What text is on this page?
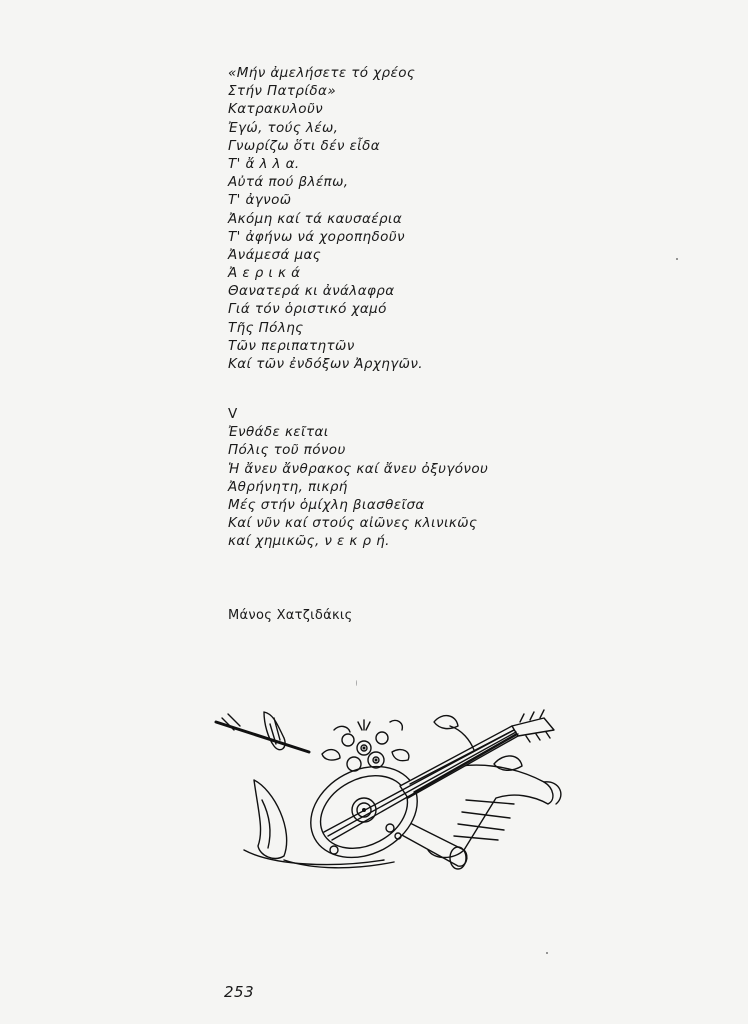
«Μήν ἀμελήσετε τό χρέος
Στήν Πατρίδα»
Κατρακυλοῦν
Ἐγώ, τούς λέω,
Γνωρίζω ὅτι δέν εἶδα
Τ' ἄ λ λ α.
Αὐτά πού βλέπω,
Τ' ἀγνοῶ
Ἀκόμη καί τά καυσαέρια
Τ' ἀφήνω νά χοροπηδοῦν
Ἀνάμεσά μας
Ἀ ε ρ ι κ ά
Θανατερά κι ἀνάλαφρα
Γιά τόν ὁριστικό χαμό
Τῆς Πόλης
Τῶν περιπατητῶν
Καί τῶν ἐνδόξων Ἀρχηγῶν.
V
Ἐνθάδε κεῖται
Πόλις τοῦ πόνου
Ἡ ἄνευ ἄνθρακος καί ἄνευ ὀξυγόνου
Ἀθρήνητη, πικρή
Μές στήν ὁμίχλη βιασθεῖσα
Καί νῦν καί στούς αἰῶνες κλινικῶς
καί χημικῶς, ν ε κ ρ ή.
Μάνος Χατζιδάκις
253
